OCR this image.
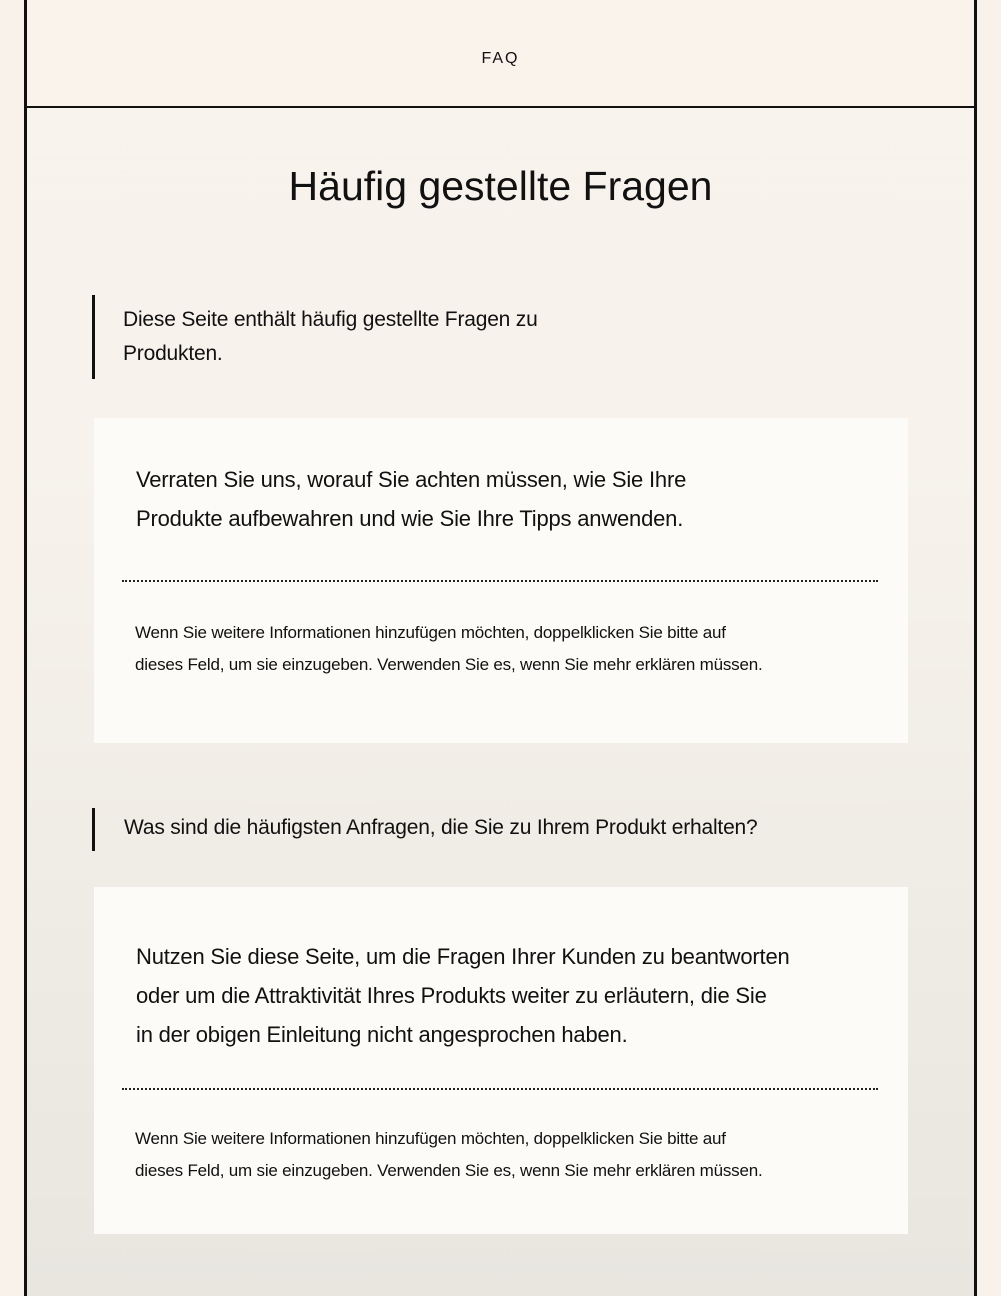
FAQ
Häufig gestellte Fragen
Diese Seite enthält häufig gestellte Fragen zu
Produkten.
Verraten Sie uns, worauf Sie achten müssen, wie Sie Ihre
Produkte aufbewahren und wie Sie Ihre Tipps anwenden.
Wenn Sie weitere Informationen hinzufügen möchten, doppelklicken Sie bitte auf
dieses Feld, um sie einzugeben. Verwenden Sie es, wenn Sie mehr erklären müssen.
Was sind die häufigsten Anfragen, die Sie zu Ihrem Produkt erhalten?
Nutzen Sie diese Seite, um die Fragen Ihrer Kunden zu beantworten
oder um die Attraktivität Ihres Produkts weiter zu erläutern, die Sie
in der obigen Einleitung nicht angesprochen haben.
Wenn Sie weitere Informationen hinzufügen möchten, doppelklicken Sie bitte auf
dieses Feld, um sie einzugeben. Verwenden Sie es, wenn Sie mehr erklären müssen.
